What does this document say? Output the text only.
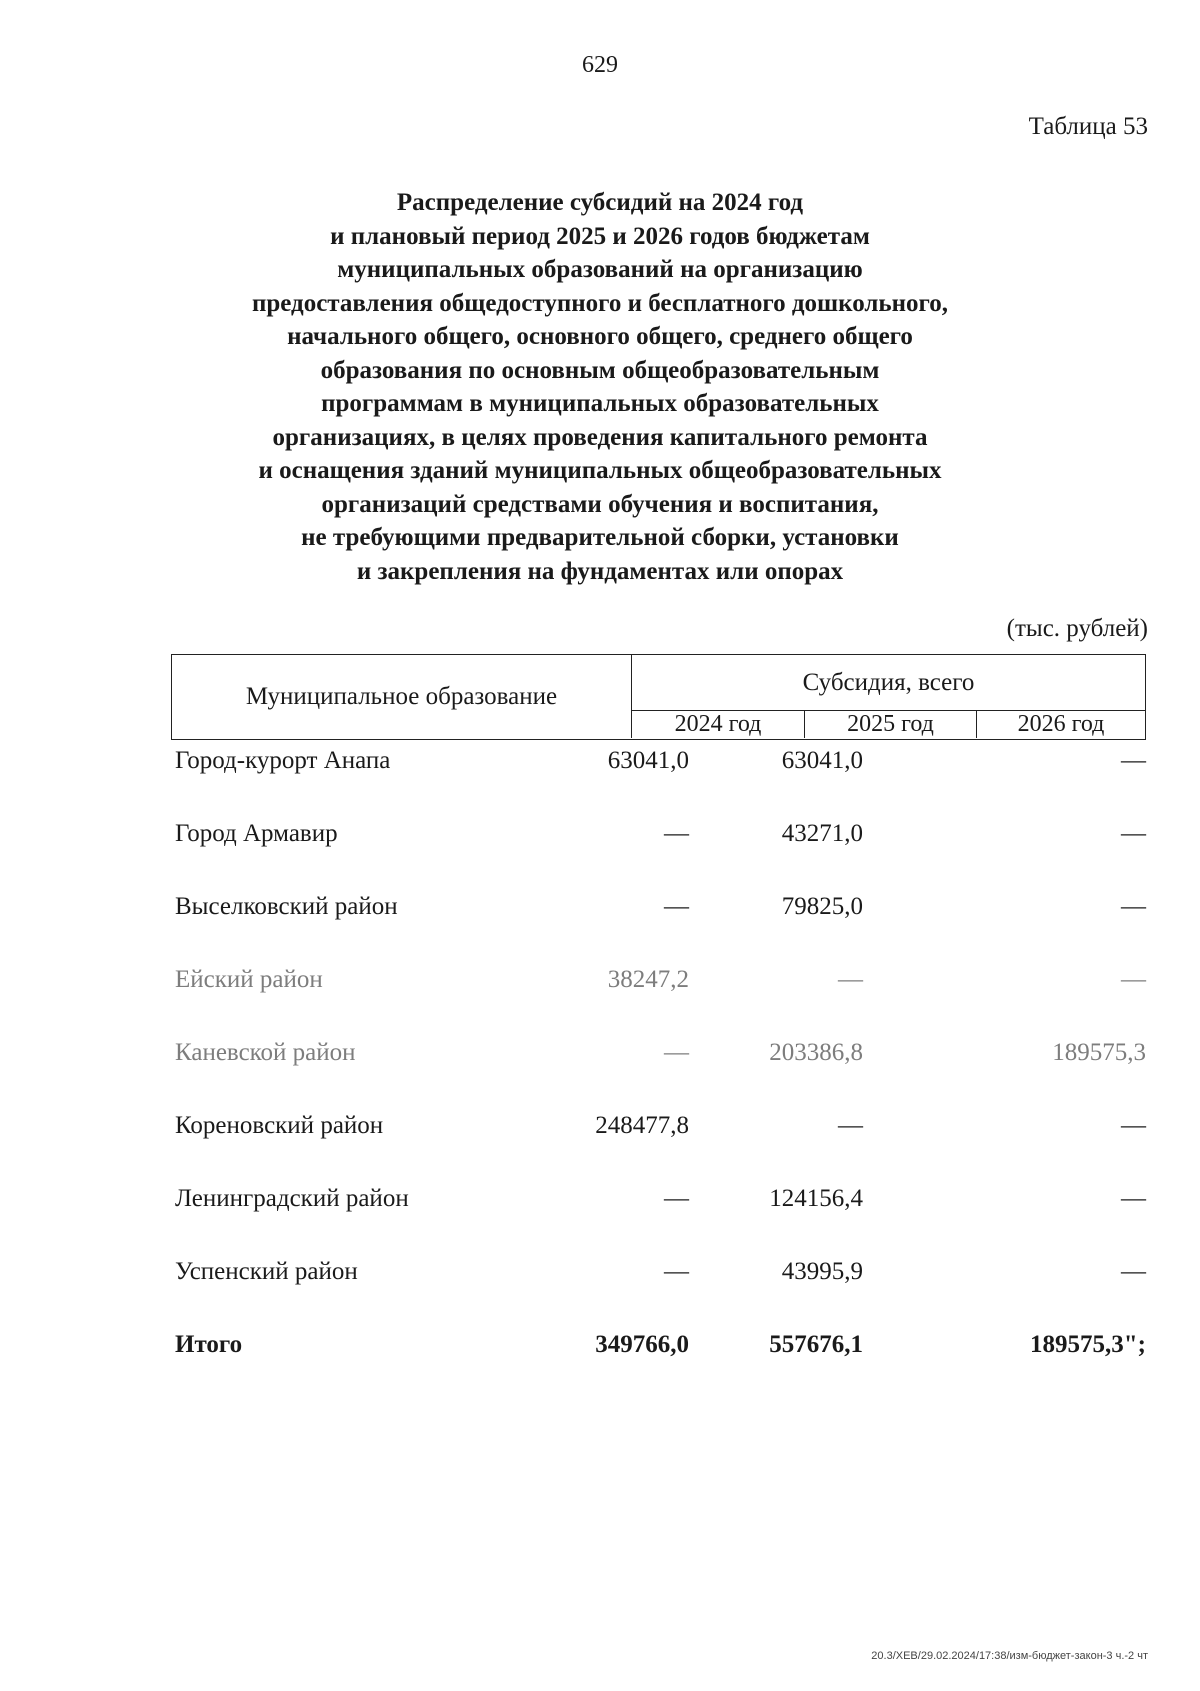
629
Таблица 53
Распределение субсидий на 2024 год
и плановый период 2025 и 2026 годов бюджетам
муниципальных образований на организацию
предоставления общедоступного и бесплатного дошкольного,
начального общего, основного общего, среднего общего
образования по основным общеобразовательным
программам в муниципальных образовательных
организациях, в целях проведения капитального ремонта
и оснащения зданий муниципальных общеобразовательных
организаций средствами обучения и воспитания,
не требующими предварительной сборки, установки
и закрепления на фундаментах или опорах
(тыс. рублей)
Муниципальное образование
Субсидия, всего
2024 год	2025 год	2026 год
Город-курорт Анапа	63041,0	63041,0	—
Город Армавир	—	43271,0	—
Выселковский район	—	79825,0	—
Ейский район	38247,2	—	—
Каневской район	—	203386,8	189575,3
Кореновский район	248477,8	—	—
Ленинградский район	—	124156,4	—
Успенский район	—	43995,9	—
Итого	349766,0	557676,1	189575,3";
20.3/ХЕВ/29.02.2024/17:38/изм-бюджет-закон-3 ч.-2 чт
